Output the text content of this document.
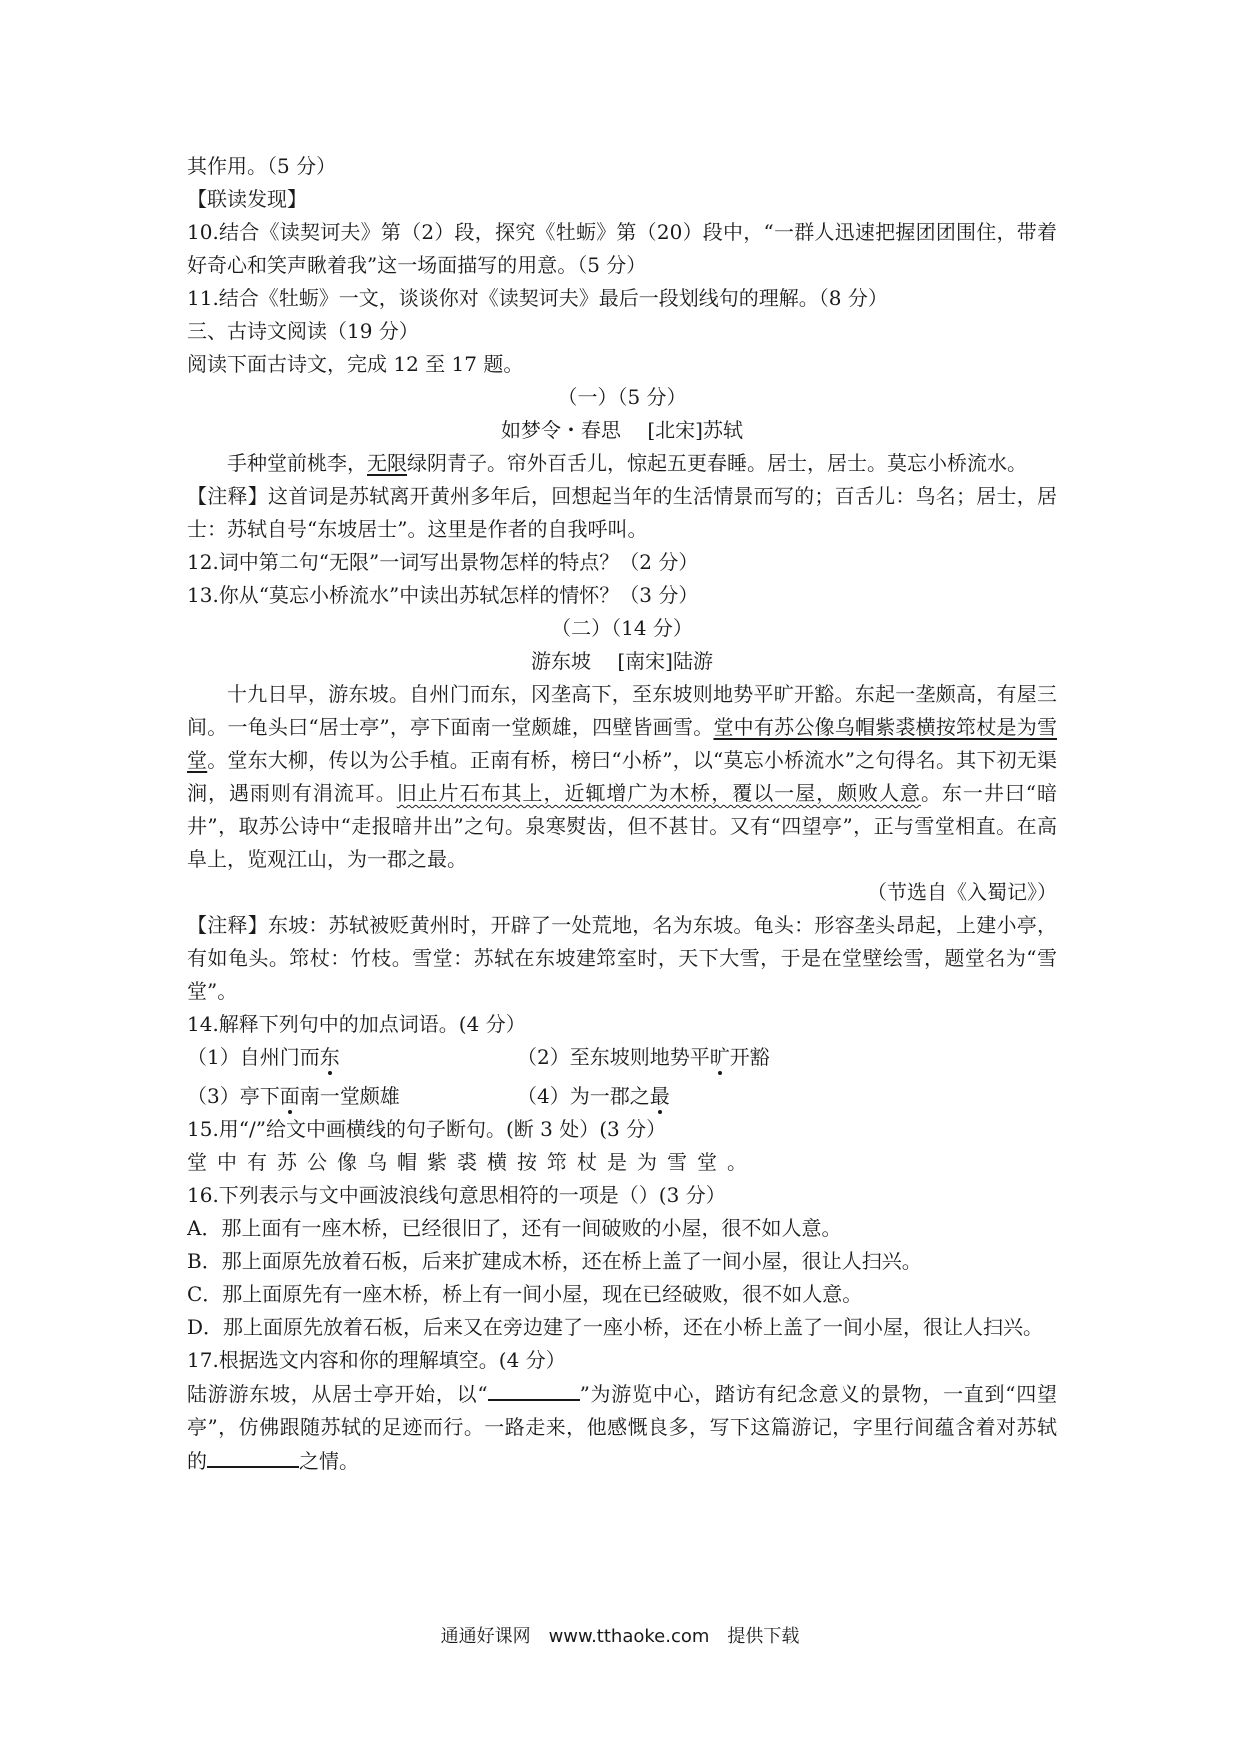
其作用。（5 分）
【联读发现】
10.结合《读契诃夫》第（2）段，探究《牡蛎》第（20）段中，“一群人迅速把握团团围住，带着好奇心和笑声瞅着我”这一场面描写的用意。（5 分）
11.结合《牡蛎》一文，谈谈你对《读契诃夫》最后一段划线句的理解。（8 分）
三、古诗文阅读（19 分）
阅读下面古诗文，完成 12 至 17 题。
（一）（5 分）
如梦令・春思　 [北宋]苏轼
手种堂前桃李，无限绿阴青子。帘外百舌儿，惊起五更春睡。居士，居士。莫忘小桥流水。
【注释】这首词是苏轼离开黄州多年后，回想起当年的生活情景而写的；百舌儿：鸟名；居士，居士：苏轼自号“东坡居士”。这里是作者的自我呼叫。
12.词中第二句“无限”一词写出景物怎样的特点？（2 分）
13.你从“莫忘小桥流水”中读出苏轼怎样的情怀？（3 分）
（二）（14 分）
游东坡　 [南宋]陆游
十九日早，游东坡。自州门而东，冈垄高下，至东坡则地势平旷开豁。东起一垄颇高，有屋三间。一龟头曰“居士亭”，亭下面南一堂颇雄，四壁皆画雪。堂中有苏公像乌帽紫裘横按筇杖是为雪堂。堂东大柳，传以为公手植。正南有桥，榜曰“小桥”，以“莫忘小桥流水”之句得名。其下初无渠涧，遇雨则有涓流耳。旧止片石布其上，近辄增广为木桥，覆以一屋，颇败人意。东一井曰“暗井”，取苏公诗中“走报暗井出”之句。泉寒熨齿，但不甚甘。又有“四望亭”，正与雪堂相直。在高阜上，览观江山，为一郡之最。
（节选自《入蜀记》）
【注释】东坡：苏轼被贬黄州时，开辟了一处荒地，名为东坡。龟头：形容垄头昂起，上建小亭，有如龟头。筇杖：竹枝。雪堂：苏轼在东坡建筇室时，天下大雪，于是在堂壁绘雪，题堂名为“雪堂”。
14.解释下列句中的加点词语。(4 分）
（1）自州门而东	（2）至东坡则地势平旷开豁
（3）亭下面南一堂颇雄	（4）为一郡之最
15.用“/”给文中画横线的句子断句。(断 3 处）(3 分）
堂中有苏公像乌帽紫裘横按筇杖是为雪堂。
16.下列表示与文中画波浪线句意思相符的一项是（）(3 分）
A．那上面有一座木桥，已经很旧了，还有一间破败的小屋，很不如人意。
B．那上面原先放着石板，后来扩建成木桥，还在桥上盖了一间小屋，很让人扫兴。
C．那上面原先有一座木桥，桥上有一间小屋，现在已经破败，很不如人意。
D．那上面原先放着石板，后来又在旁边建了一座小桥，还在小桥上盖了一间小屋，很让人扫兴。
17.根据选文内容和你的理解填空。(4 分）
陆游游东坡，从居士亭开始，以“	”为游览中心，踏访有纪念意义的景物，一直到“四望亭”，仿佛跟随苏轼的足迹而行。一路走来，他感慨良多，写下这篇游记，字里行间蕴含着对苏轼的	之情。
通通好课网　www.tthaoke.com　提供下载
